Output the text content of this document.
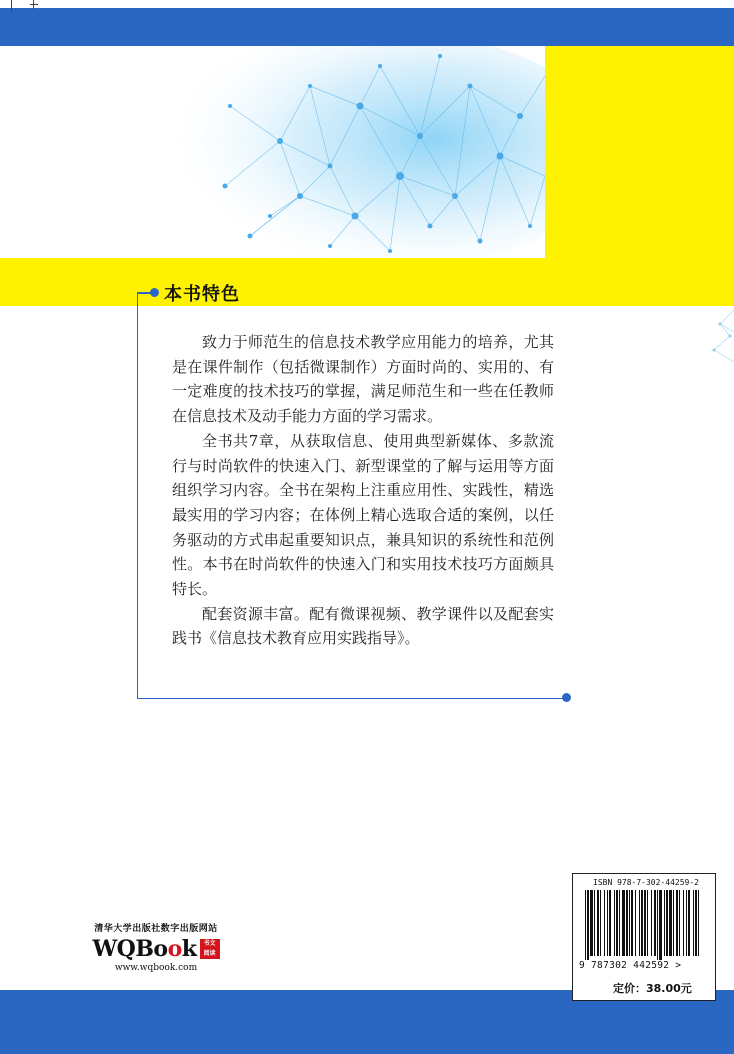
本书特色

致力于师范生的信息技术教学应用能力的培养，尤其是在课件制作（包括微课制作）方面时尚的、实用的、有一定难度的技术技巧的掌握，满足师范生和一些在任教师在信息技术及动手能力方面的学习需求。

全书共7章，从获取信息、使用典型新媒体、多款流行与时尚软件的快速入门、新型课堂的了解与运用等方面组织学习内容。全书在架构上注重应用性、实践性，精选最实用的学习内容；在体例上精心选取合适的案例，以任务驱动的方式串起重要知识点，兼具知识的系统性和范例性。本书在时尚软件的快速入门和实用技术技巧方面颇具特长。

配套资源丰富。配有微课视频、教学课件以及配套实践书《信息技术教育应用实践指导》。

清华大学出版社数字出版网站
WQBook	书文
阅读
www.wqbook.com
ISBN 978-7-302-44259-2
9 787302 442592 >
定价：38.00元
